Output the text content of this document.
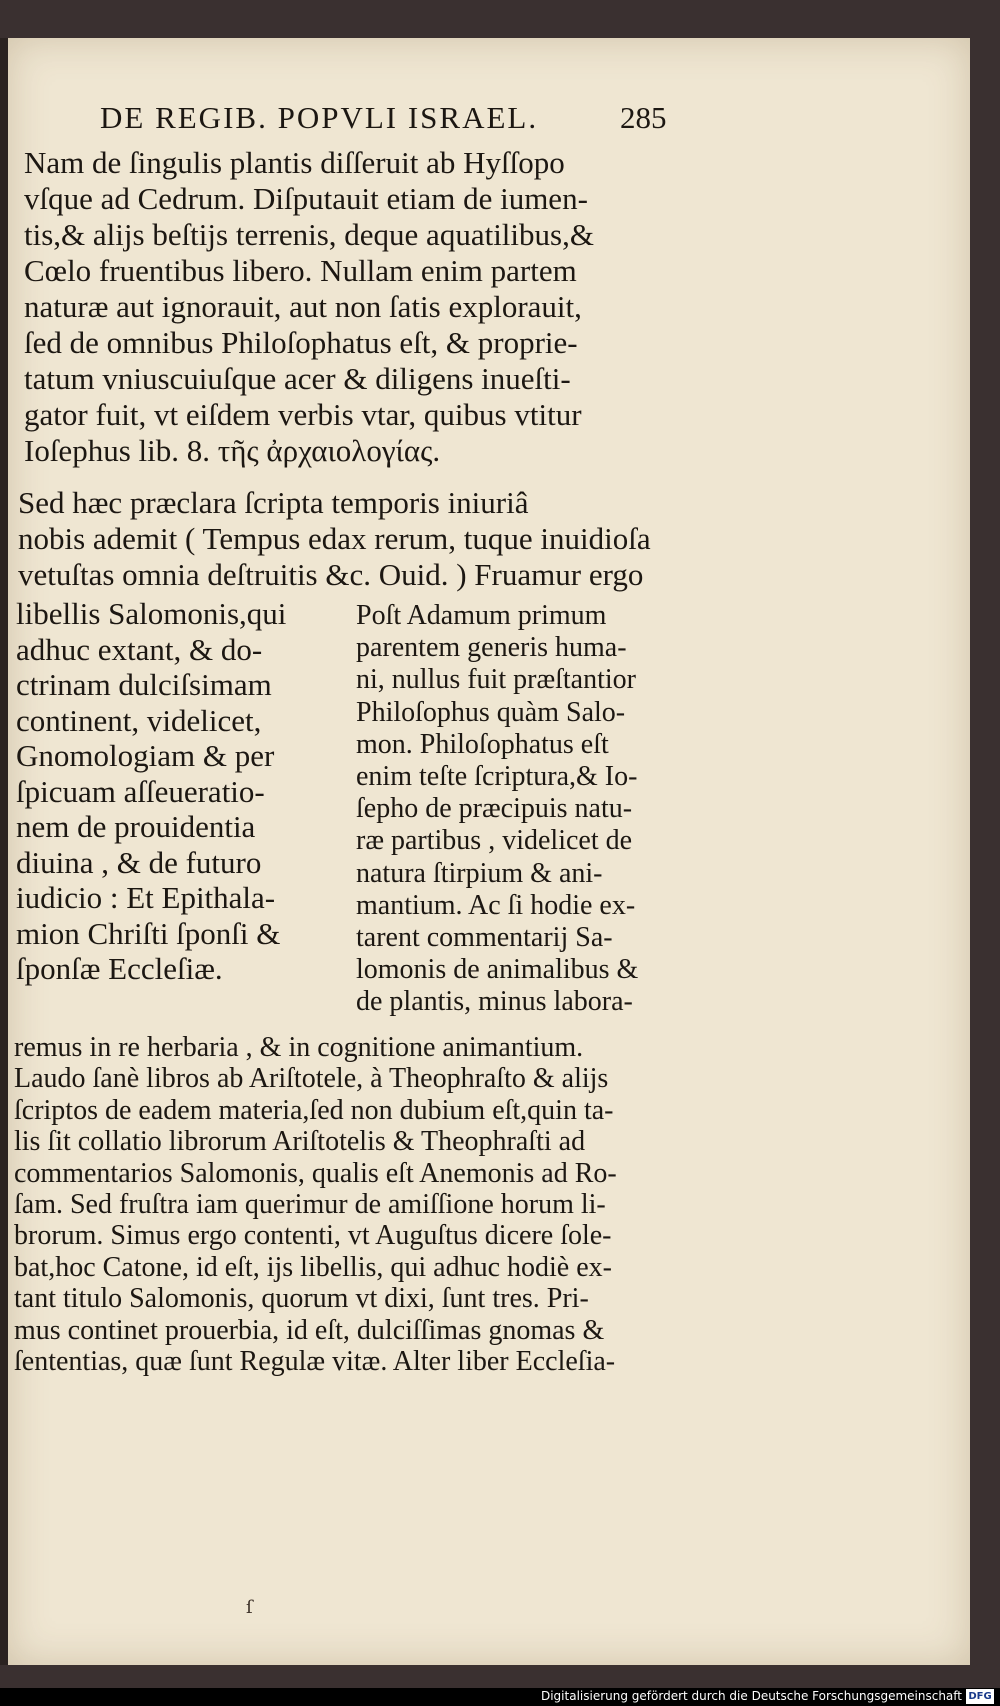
DE REGIB. POPVLI ISRAEL.	285
Nam de ſingulis plantis diſſeruit ab Hyſſopo
vſque ad Cedrum. Diſputauit etiam de iumen-
tis,& alijs beſtijs terrenis, deque aquatilibus,&
Cœlo fruentibus libero. Nullam enim partem
naturæ aut ignorauit, aut non ſatis explorauit,
ſed de omnibus Philoſophatus eſt, & proprie-
tatum vniuscuiuſque acer & diligens inueſti-
gator fuit, vt eiſdem verbis vtar, quibus vtitur
Ioſephus lib. 8. τῆς ἀρχαιολογίας.
Sed hæc præclara ſcripta temporis iniuriâ
nobis ademit ( Tempus edax rerum, tuque inuidioſa
vetuſtas omnia deſtruitis &c. Ouid. ) Fruamur ergo
libellis Salomonis,qui
adhuc extant, & do-
ctrinam dulciſsimam
continent, videlicet,
Gnomologiam & per
ſpicuam aſſeueratio-
nem de prouidentia
diuina , & de futuro
iudicio : Et Epithala-
mion Chriſti ſponſi &
ſponſæ Eccleſiæ.
Poſt Adamum primum
parentem generis huma-
ni, nullus fuit præſtantior
Philoſophus quàm Salo-
mon. Philoſophatus eſt
enim teſte ſcriptura,& Io-
ſepho de præcipuis natu-
ræ partibus , videlicet de
natura ſtirpium & ani-
mantium. Ac ſi hodie ex-
tarent commentarij Sa-
lomonis de animalibus &
de plantis, minus labora-
remus in re herbaria , & in cognitione animantium.
Laudo ſanè libros ab Ariſtotele, à Theophraſto & alijs
ſcriptos de eadem materia,ſed non dubium eſt,quin ta-
lis ſit collatio librorum Ariſtotelis & Theophraſti ad
commentarios Salomonis, qualis eſt Anemonis ad Ro-
ſam. Sed fruſtra iam querimur de amiſſione horum li-
brorum. Simus ergo contenti, vt Auguſtus dicere ſole-
bat,hoc Catone, id eſt, ijs libellis, qui adhuc hodiè ex-
tant titulo Salomonis, quorum vt dixi, ſunt tres. Pri-
mus continet prouerbia, id eſt, dulciſſimas gnomas &
ſententias, quæ ſunt Regulæ vitæ. Alter liber Eccleſia-
ſ
Digitalisierung gefördert durch die Deutsche Forschungsgemeinschaft DFG
